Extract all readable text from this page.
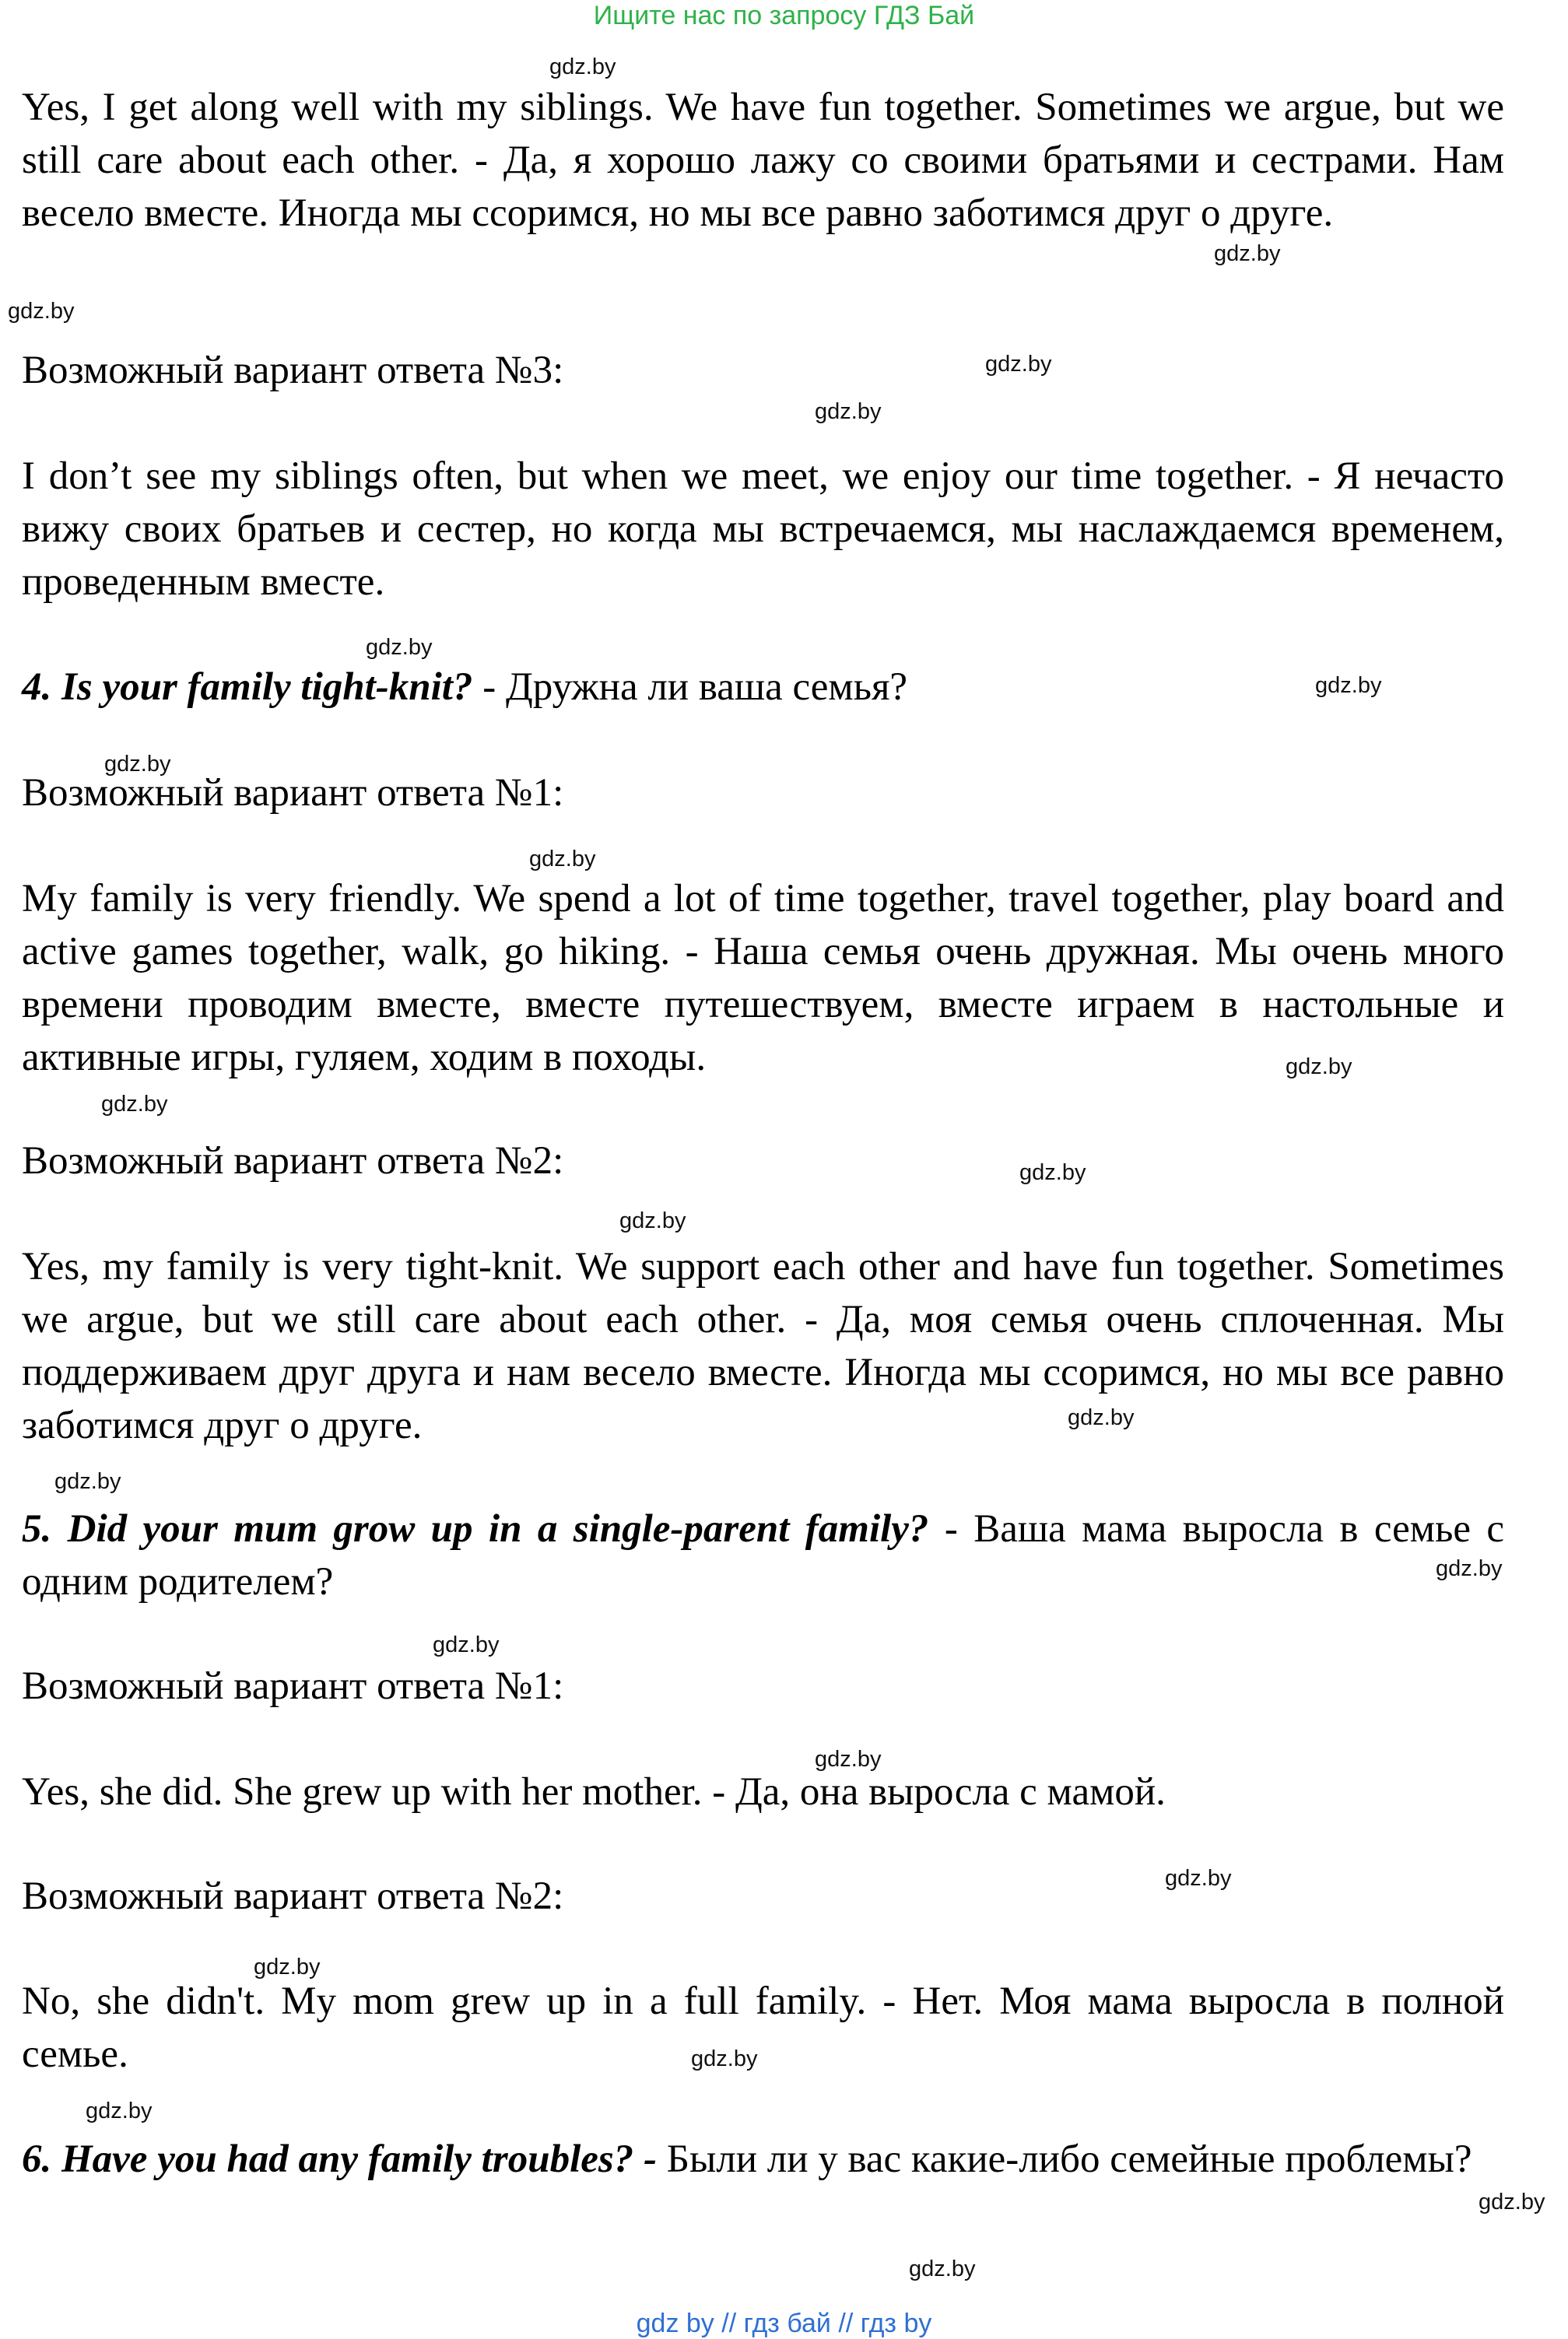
Ищите нас по запросу ГДЗ Бай
Yes, I get along well with my siblings. We have fun together. Sometimes we argue, but we still care about each other. - Да, я хорошо лажу со своими братьями и сестрами. Нам весело вместе. Иногда мы ссоримся, но мы все равно заботимся друг о друге.
Возможный вариант ответа №3:
I don’t see my siblings often, but when we meet, we enjoy our time together. - Я нечасто вижу своих братьев и сестер, но когда мы встречаемся, мы наслаждаемся временем, проведенным вместе.
4. Is your family tight-knit? - Дружна ли ваша семья?
Возможный вариант ответа №1:
My family is very friendly. We spend a lot of time together, travel together, play board and active games together, walk, go hiking. - Наша семья очень дружная. Мы очень много времени проводим вместе, вместе путешествуем, вместе играем в настольные и активные игры, гуляем, ходим в походы.
Возможный вариант ответа №2:
Yes, my family is very tight-knit. We support each other and have fun together. Sometimes we argue, but we still care about each other. - Да, моя семья очень сплоченная. Мы поддерживаем друг друга и нам весело вместе. Иногда мы ссоримся, но мы все равно заботимся друг о друге.
5. Did your mum grow up in a single-parent family? - Ваша мама выросла в семье с одним родителем?
Возможный вариант ответа №1:
Yes, she did. She grew up with her mother. - Да, она выросла с мамой.
Возможный вариант ответа №2:
No, she didn't. My mom grew up in a full family. - Нет. Моя мама выросла в полной семье.
6. Have you had any family troubles? - Были ли у вас какие-либо семейные проблемы?
gdz.by
gdz.by
gdz.by
gdz.by
gdz.by
gdz.by
gdz.by
gdz.by
gdz.by
gdz.by
gdz.by
gdz.by
gdz.by
gdz.by
gdz.by
gdz.by
gdz.by
gdz.by
gdz.by
gdz.by
gdz.by
gdz.by
gdz.by
gdz.by
gdz by // гдз бай // гдз by
